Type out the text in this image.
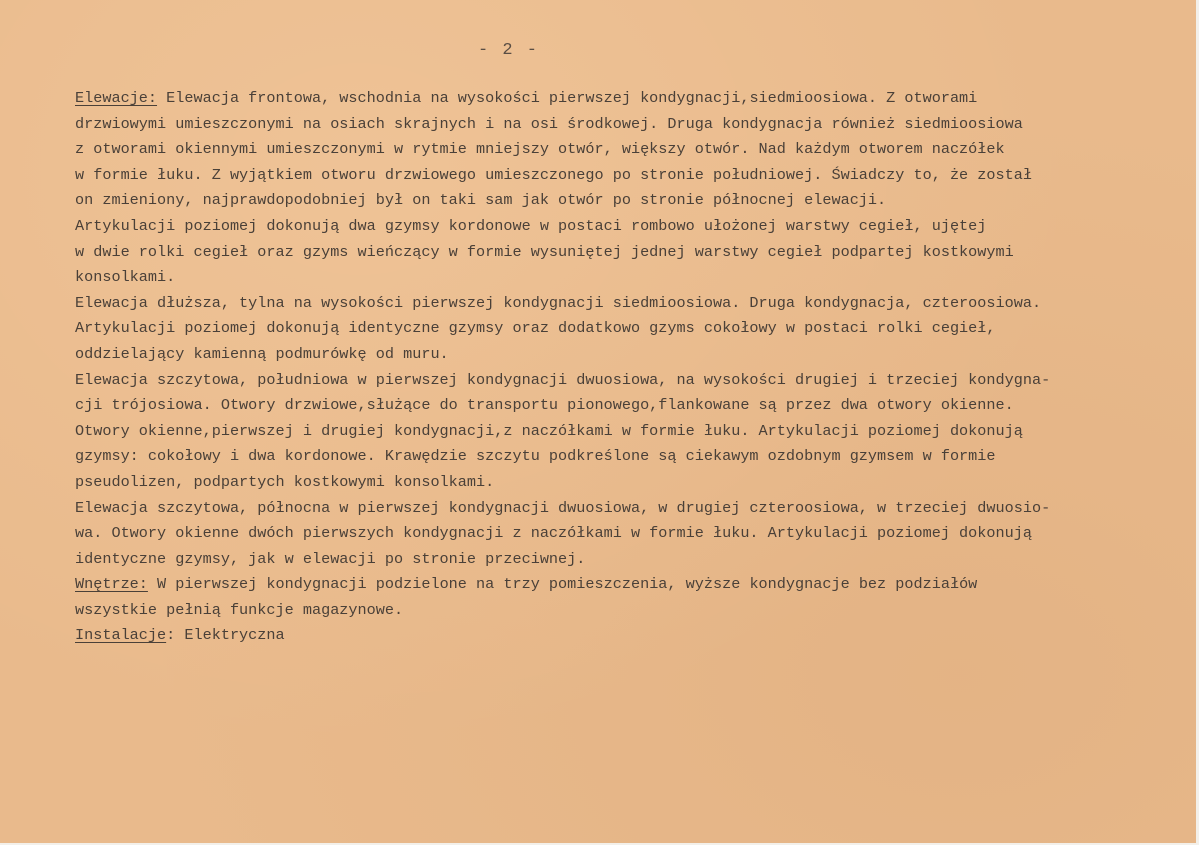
- 2 -
Elewacje: Elewacja frontowa, wschodnia na wysokości pierwszej kondygnacji,siedmioosiowa. Z otworami
drzwiowymi umieszczonymi na osiach skrajnych i na osi środkowej. Druga kondygnacja również siedmioosiowa
z otworami okiennymi umieszczonymi w rytmie mniejszy otwór, większy otwór. Nad każdym otworem naczółek
w formie łuku. Z wyjątkiem otworu drzwiowego umieszczonego po stronie południowej. Świadczy to, że został
on zmieniony, najprawdopodobniej był on taki sam jak otwór po stronie północnej elewacji.
Artykulacji poziomej dokonują dwa gzymsy kordonowe w postaci rombowo ułożonej warstwy cegieł, ujętej
w dwie rolki cegieł oraz gzyms wieńczący w formie wysuniętej jednej warstwy cegieł podpartej kostkowymi
konsolkami.
Elewacja dłuższa, tylna na wysokości pierwszej kondygnacji siedmioosiowa. Druga kondygnacja, czteroosiowa.
Artykulacji poziomej dokonują identyczne gzymsy oraz dodatkowo gzyms cokołowy w postaci rolki cegieł,
oddzielający kamienną podmurówkę od muru.
Elewacja szczytowa, południowa w pierwszej kondygnacji dwuosiowa, na wysokości drugiej i trzeciej kondygna-
cji trójosiowa. Otwory drzwiowe,służące do transportu pionowego,flankowane są przez dwa otwory okienne.
Otwory okienne,pierwszej i drugiej kondygnacji,z naczółkami w formie łuku. Artykulacji poziomej dokonują
gzymsy: cokołowy i dwa kordonowe. Krawędzie szczytu podkreślone są ciekawym ozdobnym gzymsem w formie
pseudolizen, podpartych kostkowymi konsolkami.
Elewacja szczytowa, północna w pierwszej kondygnacji dwuosiowa, w drugiej czteroosiowa, w trzeciej dwuosio-
wa. Otwory okienne dwóch pierwszych kondygnacji z naczółkami w formie łuku. Artykulacji poziomej dokonują
identyczne gzymsy, jak w elewacji po stronie przeciwnej.
Wnętrze: W pierwszej kondygnacji podzielone na trzy pomieszczenia, wyższe kondygnacje bez podziałów
wszystkie pełnią funkcje magazynowe.
Instalacje: Elektryczna
